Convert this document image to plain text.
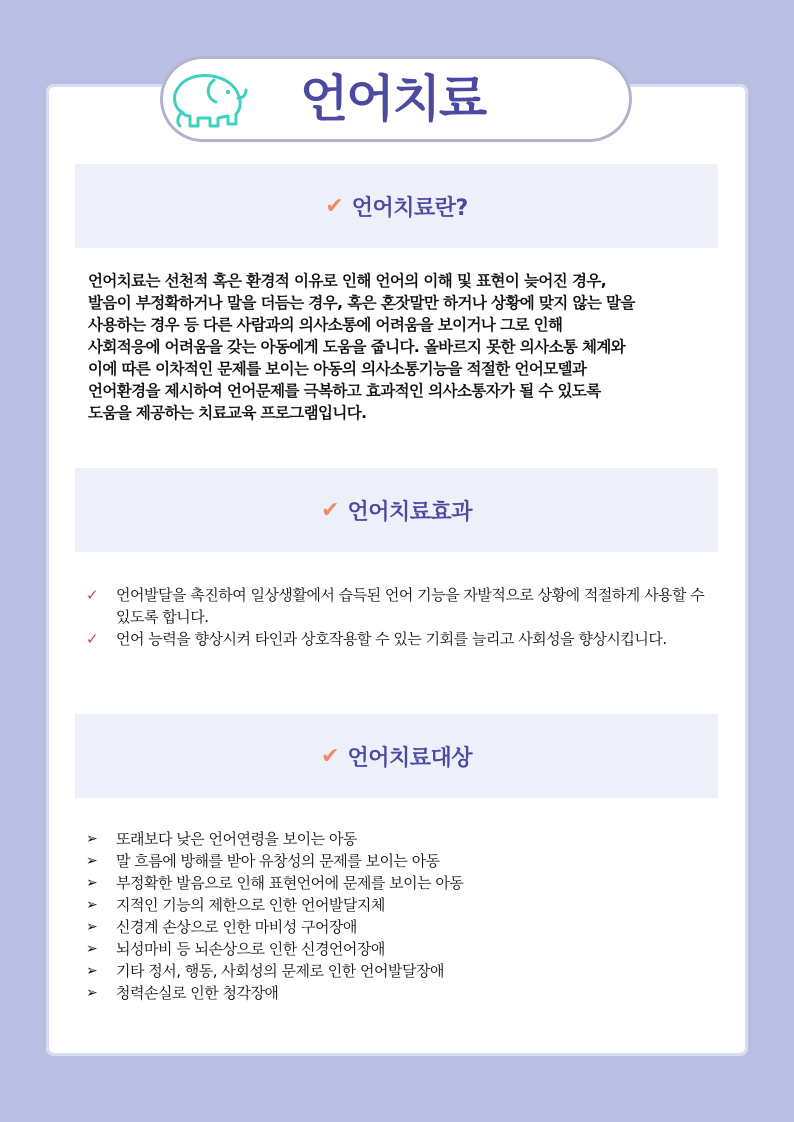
언어치료
✔ 언어치료란?

언어치료는 선천적 혹은 환경적 이유로 인해 언어의 이해 및 표현이 늦어진 경우,

발음이 부정확하거나 말을 더듬는 경우, 혹은 혼잣말만 하거나 상황에 맞지 않는 말을

사용하는 경우 등 다른 사람과의 의사소통에 어려움을 보이거나 그로 인해

사회적응에 어려움을 갖는 아동에게 도움을 줍니다. 올바르지 못한 의사소통 체계와

이에 따른 이차적인 문제를 보이는 아동의 의사소통기능을 적절한 언어모델과

언어환경을 제시하여 언어문제를 극복하고 효과적인 의사소통자가 될 수 있도록

도움을 제공하는 치료교육 프로그램입니다.

✔ 언어치료효과
✓ 언어발달을 촉진하여 일상생활에서 습득된 언어 기능을 자발적으로 상황에 적절하게 사용할 수 있도록 합니다.
✓ 언어 능력을 향상시켜 타인과 상호작용할 수 있는 기회를 늘리고 사회성을 향상시킵니다.
✔ 언어치료대상
➢ 또래보다 낮은 언어연령을 보이는 아동
➢ 말 흐름에 방해를 받아 유창성의 문제를 보이는 아동
➢ 부정확한 발음으로 인해 표현언어에 문제를 보이는 아동
➢ 지적인 기능의 제한으로 인한 언어발달지체
➢ 신경계 손상으로 인한 마비성 구어장애
➢ 뇌성마비 등 뇌손상으로 인한 신경언어장애
➢ 기타 정서, 행동, 사회성의 문제로 인한 언어발달장애
➢ 청력손실로 인한 청각장애
